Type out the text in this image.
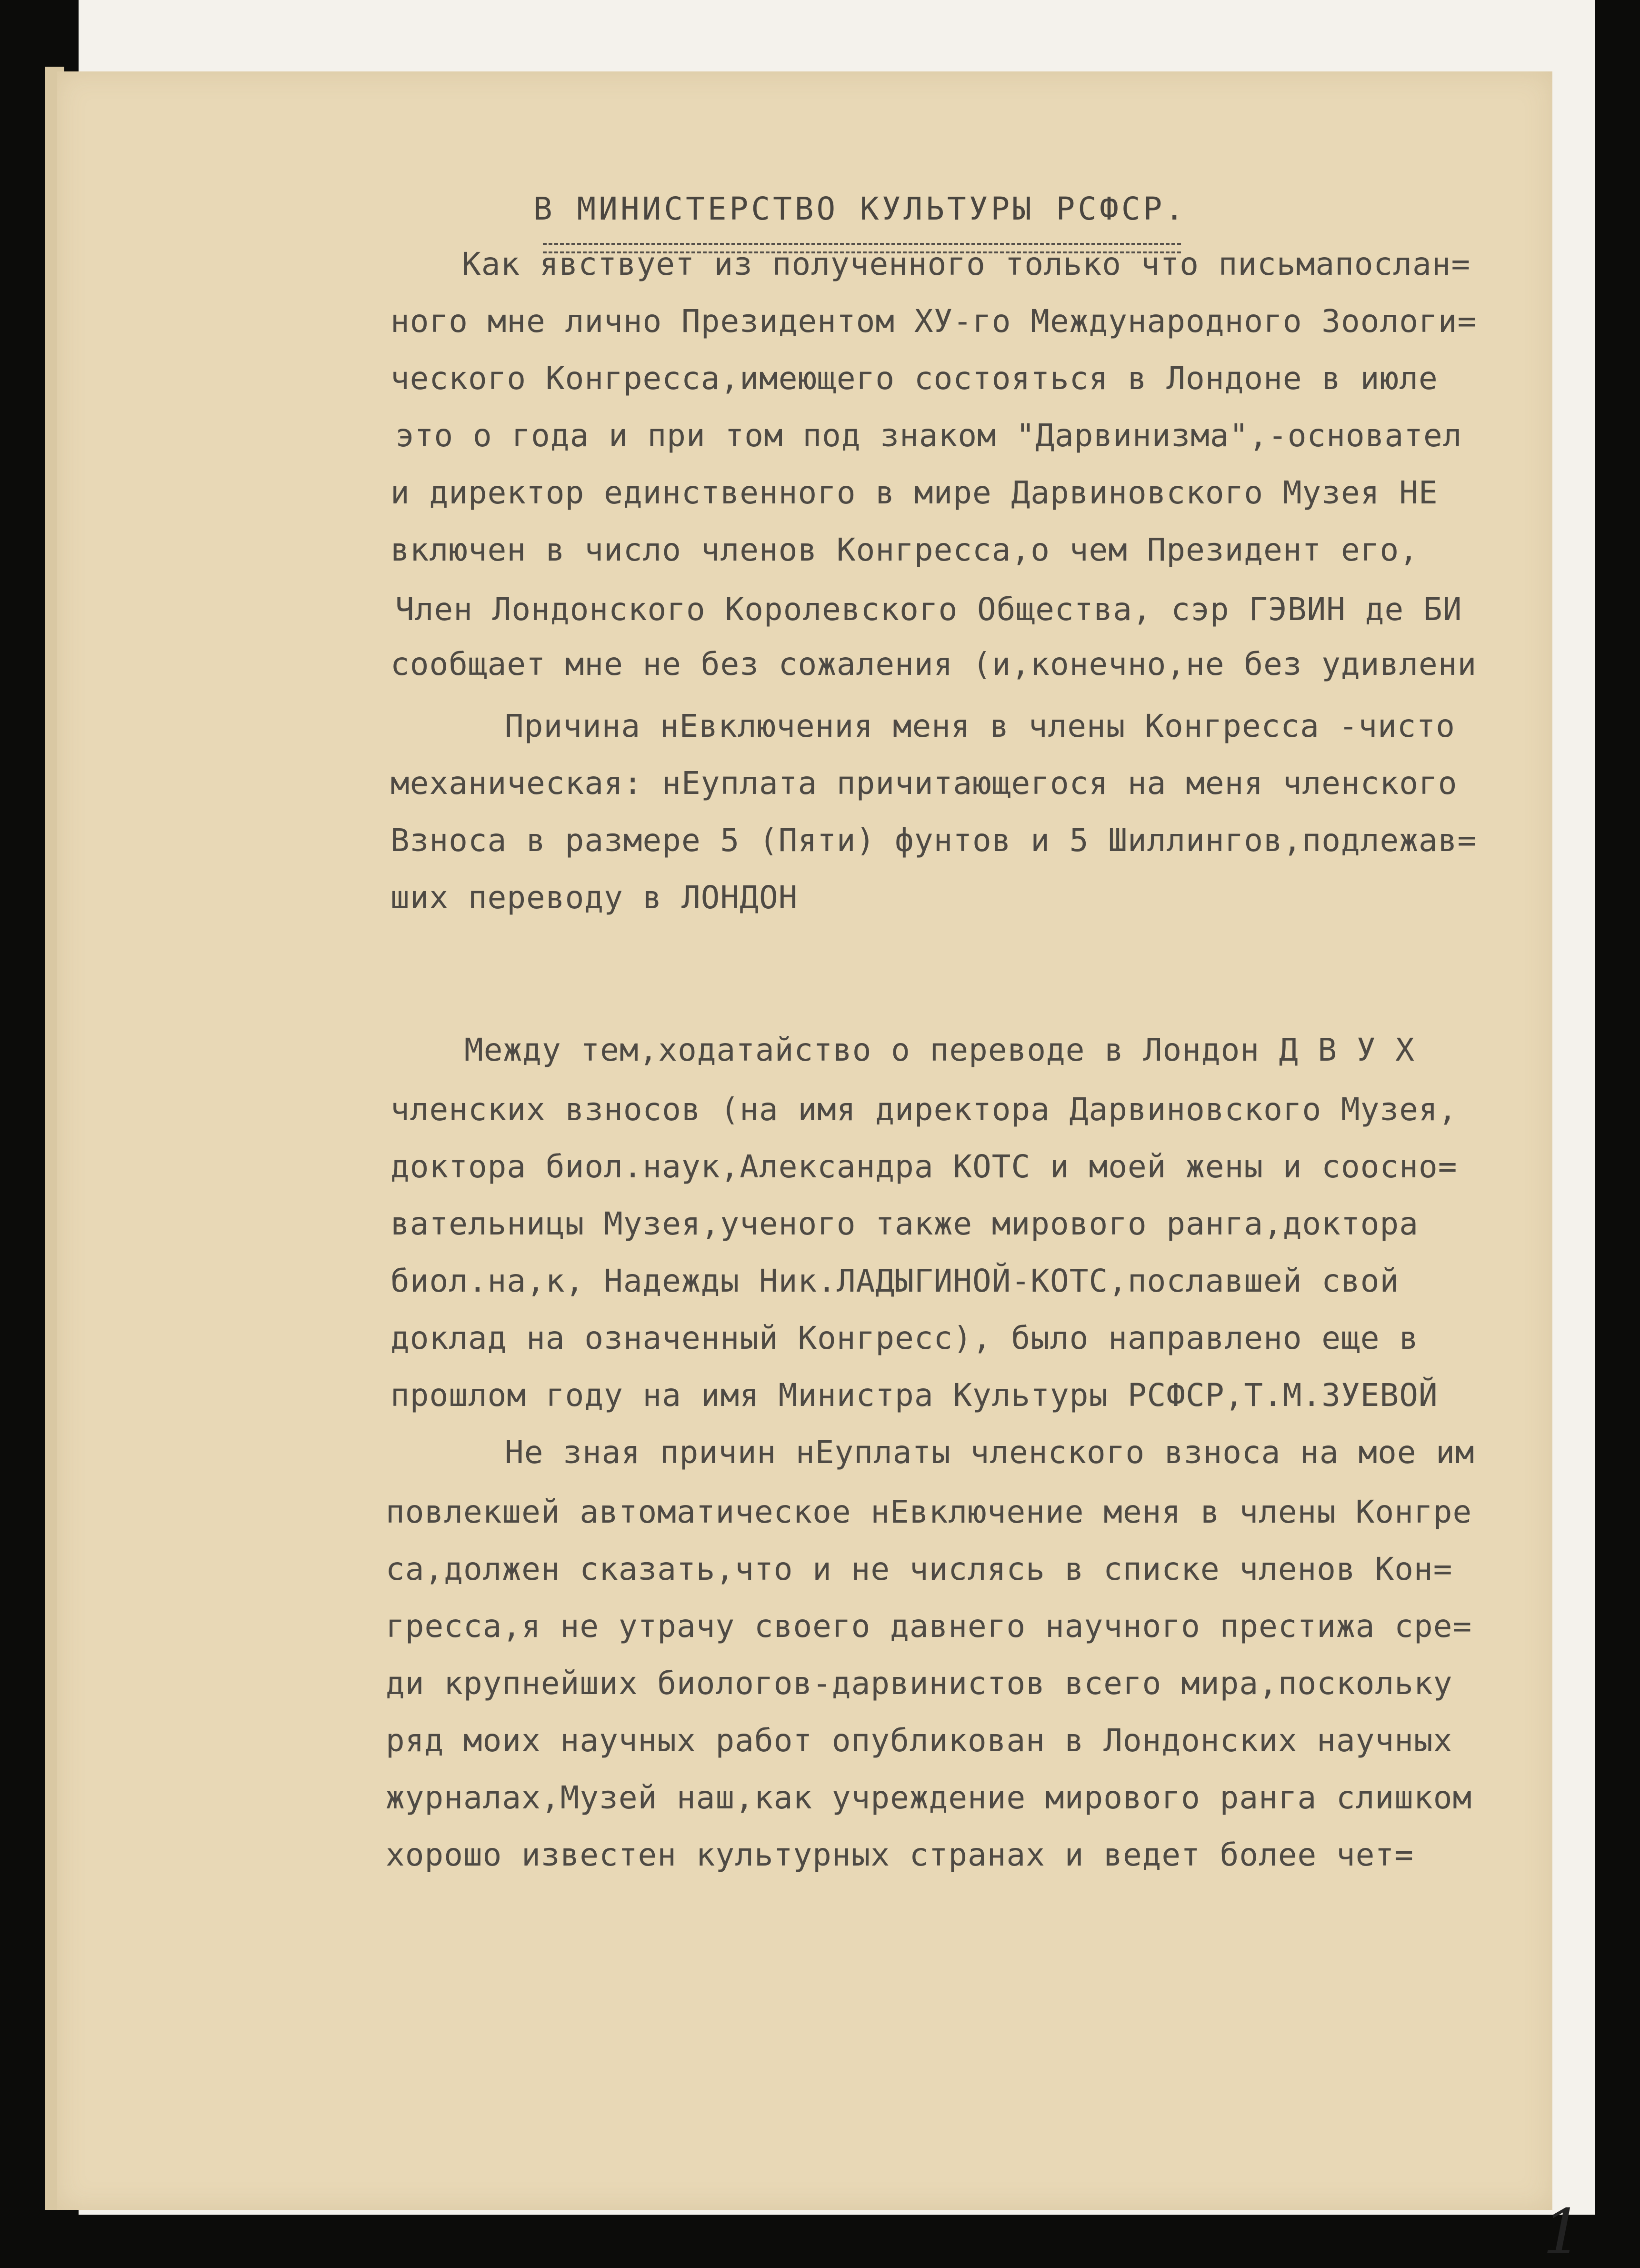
В МИНИСТЕРСТВО КУЛЬТУРЫ РСФСР.
Как явствует из полученного только что письмапослан=
ного мне лично Президентом ХУ-го Международного Зоологи=
ческого Конгресса,имеющего состояться в Лондоне в июле
это о года и при том под знаком "Дарвинизма",-основател
и директор единственного в мире Дарвиновского Музея НЕ
включен в число членов Конгресса,о чем Президент его,
Член Лондонского Королевского Общества, сэр ГЭВИН де БИ
сообщает мне не без сожаления (и,конечно,не без удивлени
Причина нЕвключения меня в члены Конгресса -чисто
механическая: нЕуплата причитающегося на меня членского
Взноса в размере 5 (Пяти) фунтов и 5 Шиллингов,подлежав=
ших переводу в ЛОНДОН
Между тем,ходатайство о переводе в Лондон Д В У Х
членских взносов (на имя директора Дарвиновского Музея,
доктора биол.наук,Александра КОТС и моей жены и сооcно=
вательницы Музея,ученого также мирового ранга,доктора
биол.на,к, Надежды Ник.ЛАДЫГИНОЙ-КОТС,пославшей свой
доклад на означенный Конгресс), было направлено еще в
прошлом году на имя Министра Культуры РСФСР,Т.М.ЗУЕВОЙ
Не зная причин нЕуплаты членского взноса на мое им
повлекшей автоматическое нЕвключение меня в члены Конгре
са,должен сказать,что и не числясь в списке членов Кон=
гресса,я не утрачу своего давнего научного престижа сре=
ди крупнейших биологов-дарвинистов всего мира,поскольку
ряд моих научных работ опубликован в Лондонских научных
журналах,Музей наш,как учреждение мирового ранга слишком
хорошо известен культурных странах и ведет более чет=
1
